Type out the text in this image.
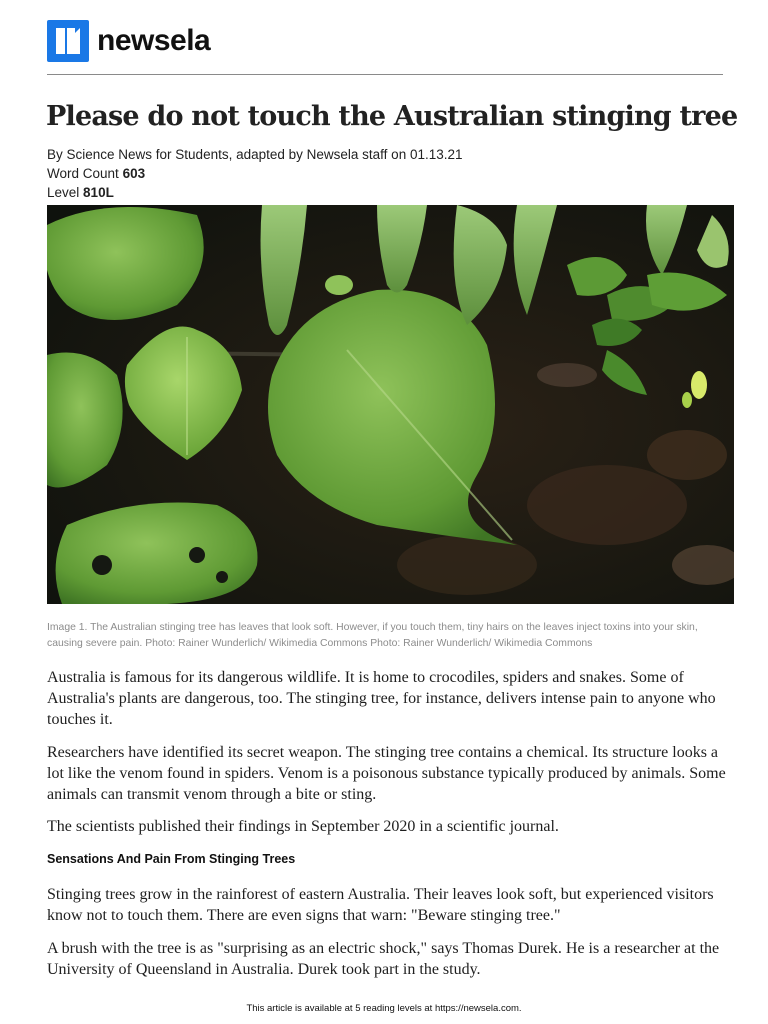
newsela
Please do not touch the Australian stinging tree
By Science News for Students, adapted by Newsela staff on 01.13.21
Word Count 603
Level 810L
Image 1. The Australian stinging tree has leaves that look soft. However, if you touch them, tiny hairs on the leaves inject toxins into your skin, causing severe pain. Photo: Rainer Wunderlich/ Wikimedia Commons Photo: Rainer Wunderlich/ Wikimedia Commons

Australia is famous for its dangerous wildlife. It is home to crocodiles, spiders and snakes. Some of Australia's plants are dangerous, too. The stinging tree, for instance, delivers intense pain to anyone who touches it.

Researchers have identified its secret weapon. The stinging tree contains a chemical. Its structure looks a lot like the venom found in spiders. Venom is a poisonous substance typically produced by animals. Some animals can transmit venom through a bite or sting.

The scientists published their findings in September 2020 in a scientific journal.

Sensations And Pain From Stinging Trees

Stinging trees grow in the rainforest of eastern Australia. Their leaves look soft, but experienced visitors know not to touch them. There are even signs that warn: "Beware stinging tree."

A brush with the tree is as "surprising as an electric shock," says Thomas Durek. He is a researcher at the University of Queensland in Australia. Durek took part in the study.

This article is available at 5 reading levels at https://newsela.com.
